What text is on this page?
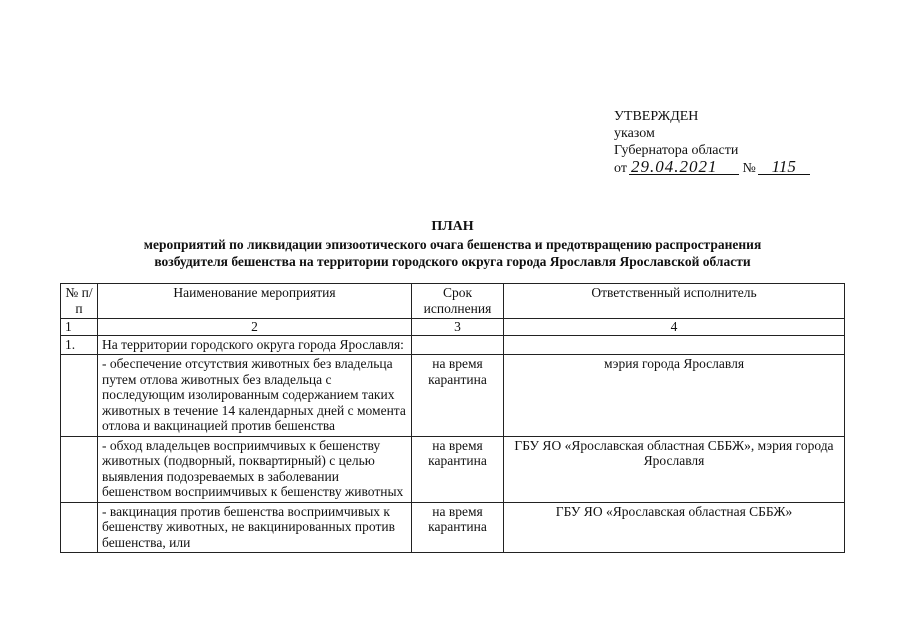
УТВЕРЖДЕН
указом
Губернатора области
от 29.04.2021 № 115
ПЛАН
мероприятий по ликвидации эпизоотического очага бешенства и предотвращению распространения
возбудителя бешенства на территории городского округа города Ярославля Ярославской области
№ п/п	Наименование мероприятия	Срок исполнения	Ответственный исполнитель
1	2	3	4
1.	На территории городского округа города Ярославля:		
	- обеспечение отсутствия животных без владельца путем отлова животных без владельца с последующим изолированным содержанием таких животных в течение 14 календарных дней с момента отлова и вакцинацией против бешенства	на время карантина	мэрия города Ярославля
	- обход владельцев восприимчивых к бешенству животных (подворный, поквартирный) с целью выявления подозреваемых в заболевании бешенством восприимчивых к бешенству животных	на время карантина	ГБУ ЯО «Ярославская областная СББЖ», мэрия города Ярославля
	- вакцинация против бешенства восприимчивых к бешенству животных, не вакцинированных против бешенства, или	на время карантина	ГБУ ЯО «Ярославская областная СББЖ»
